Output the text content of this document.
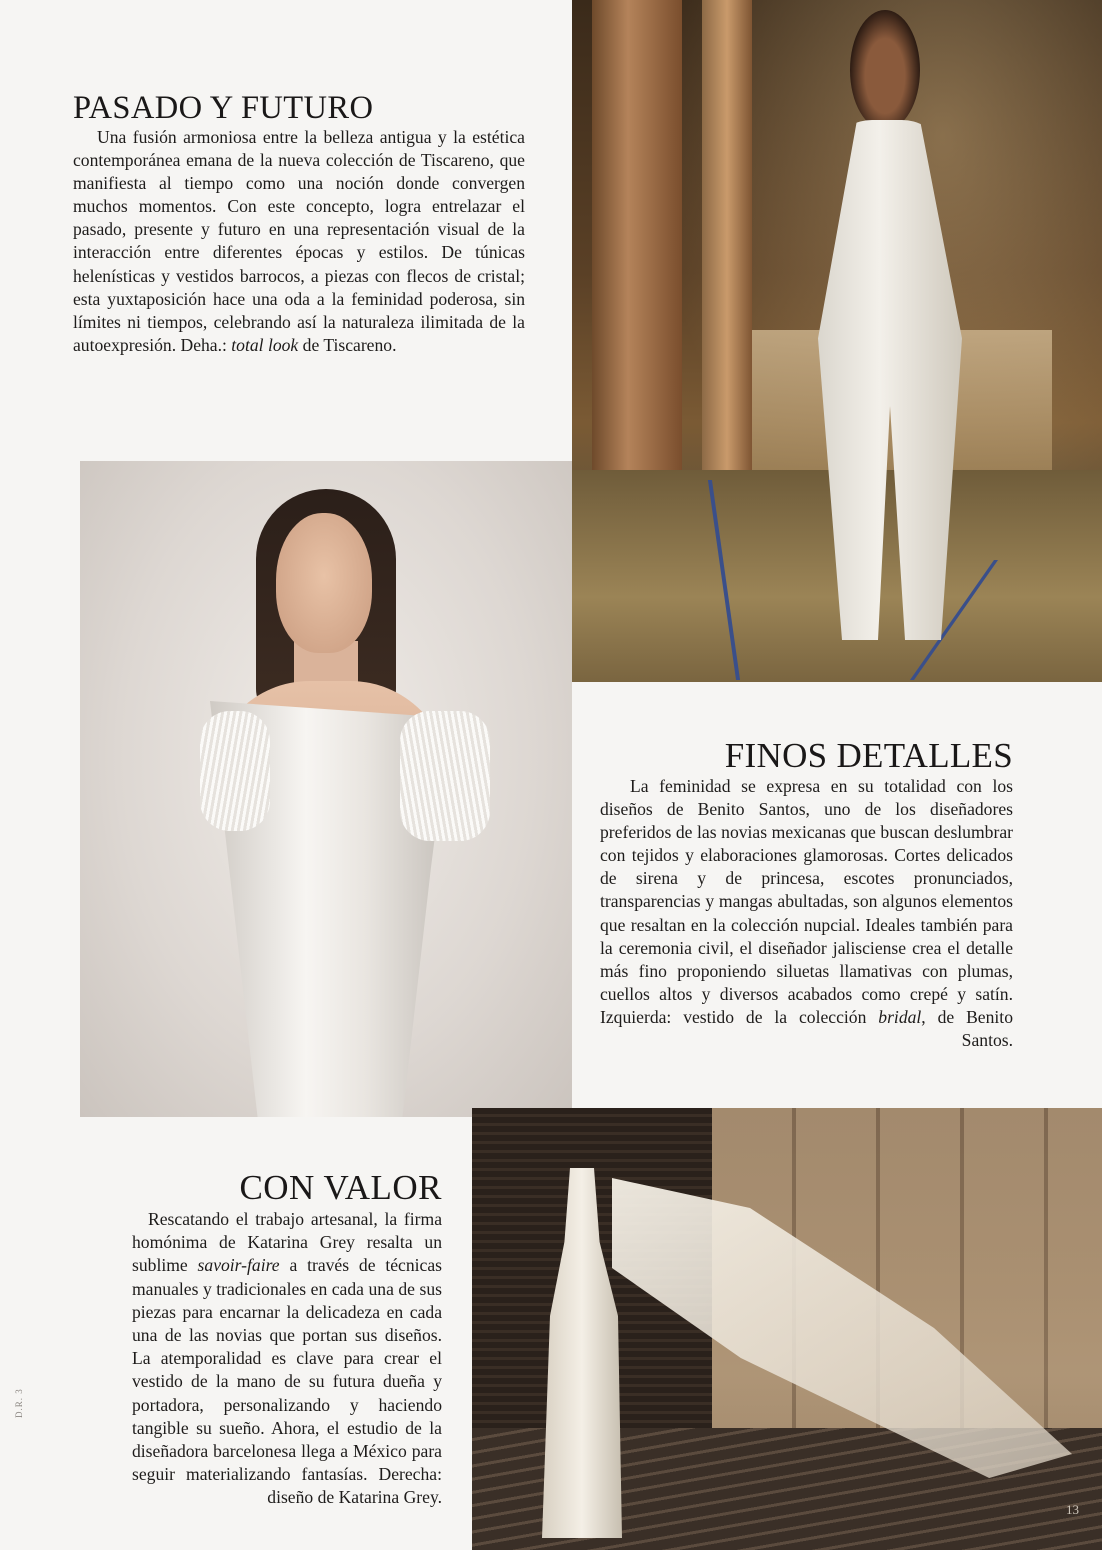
PASADO Y FUTURO

Una fusión armoniosa entre la belleza antigua y la estética contemporánea emana de la nueva colección de Tiscareno, que manifiesta al tiempo como una noción donde convergen muchos momentos. Con este concepto, logra entrelazar el pasado, presente y futuro en una representación visual de la interacción entre diferentes épocas y estilos. De túnicas helenísticas y vestidos barrocos, a piezas con flecos de cristal; esta yuxtaposición hace una oda a la feminidad poderosa, sin límites ni tiempos, celebrando así la naturaleza ilimitada de la autoexpresión. Deha.: total look de Tiscareno.

FINOS DETALLES

La feminidad se expresa en su totalidad con los diseños de Benito Santos, uno de los diseñadores preferidos de las novias mexicanas que buscan deslumbrar con tejidos y elaboraciones glamorosas. Cortes delicados de sirena y de princesa, escotes pronunciados, transparencias y mangas abultadas, son algunos elementos que resaltan en la colección nupcial. Ideales también para la ceremonia civil, el diseñador jalisciense crea el detalle más fino proponiendo siluetas llamativas con plumas, cuellos altos y diversos acabados como crepé y satín. Izquierda: vestido de la colección bridal, de Benito Santos.

CON VALOR

Rescatando el trabajo artesanal, la firma homónima de Katarina Grey resalta un sublime savoir-faire a través de técnicas manuales y tradicionales en cada una de sus piezas para encarnar la delicadeza en cada una de las novias que portan sus diseños. La atemporalidad es clave para crear el vestido de la mano de su futura dueña y portadora, personalizando y haciendo tangible su sueño. Ahora, el estudio de la diseñadora barcelonesa llega a México para seguir materializando fantasías. Derecha: diseño de Katarina Grey.

D.R. 3
13
